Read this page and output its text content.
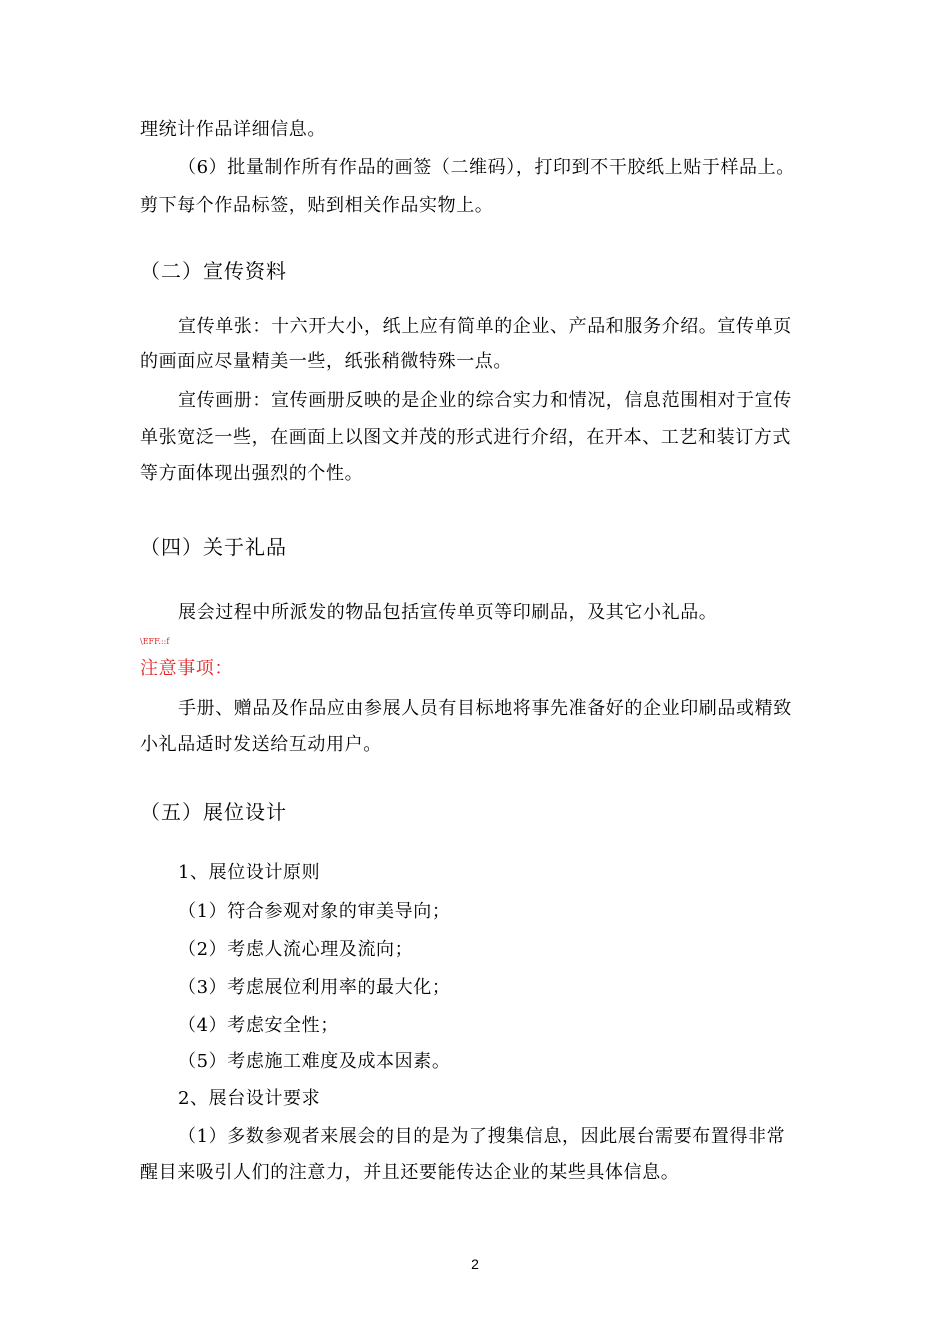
理统计作品详细信息。
（6）批量制作所有作品的画签（二维码），打印到不干胶纸上贴于样品上。
剪下每个作品标签，贴到相关作品实物上。
（二）宣传资料
宣传单张：十六开大小，纸上应有简单的企业、产品和服务介绍。宣传单页
的画面应尽量精美一些，纸张稍微特殊一点。
宣传画册：宣传画册反映的是企业的综合实力和情况，信息范围相对于宣传
单张宽泛一些，在画面上以图文并茂的形式进行介绍，在开本、工艺和装订方式
等方面体现出强烈的个性。
（四）关于礼品
展会过程中所派发的物品包括宣传单页等印刷品，及其它小礼品。
\EFF.::f
注意事项：
手册、赠品及作品应由参展人员有目标地将事先准备好的企业印刷品或精致
小礼品适时发送给互动用户。
（五）展位设计
1、展位设计原则
（1）符合参观对象的审美导向；
（2）考虑人流心理及流向；
（3）考虑展位利用率的最大化；
（4）考虑安全性；
（5）考虑施工难度及成本因素。
2、展台设计要求
（1）多数参观者来展会的目的是为了搜集信息，因此展台需要布置得非常
醒目来吸引人们的注意力，并且还要能传达企业的某些具体信息。
2
